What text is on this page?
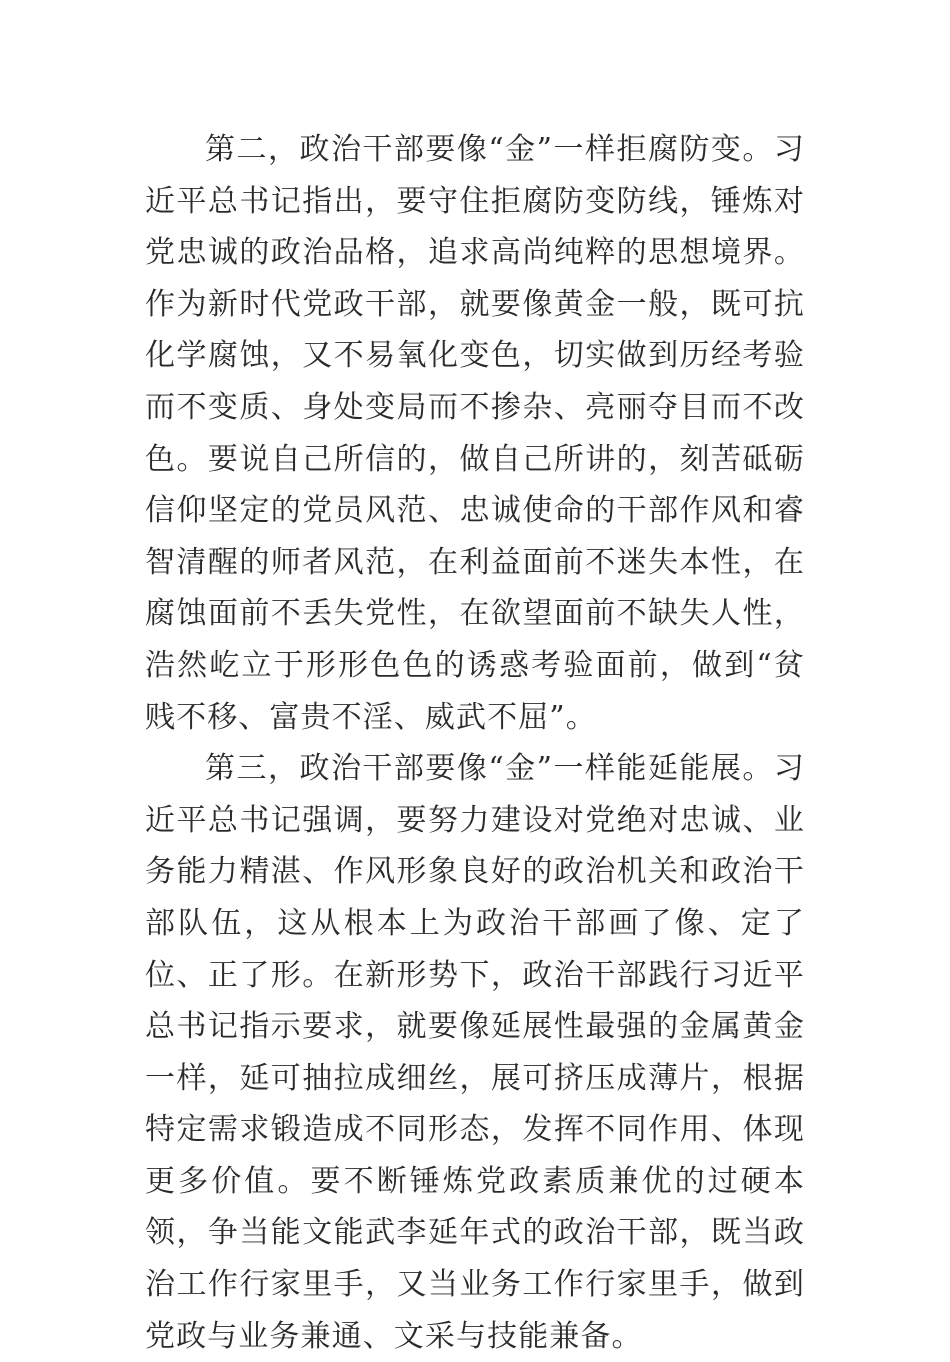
第二，政治干部要像“金”一样拒腐防变。习近平总书记指出，要守住拒腐防变防线，锤炼对党忠诚的政治品格，追求高尚纯粹的思想境界。作为新时代党政干部，就要像黄金一般，既可抗化学腐蚀，又不易氧化变色，切实做到历经考验而不变质、身处变局而不掺杂、亮丽夺目而不改色。要说自己所信的，做自己所讲的，刻苦砥砺信仰坚定的党员风范、忠诚使命的干部作风和睿智清醒的师者风范，在利益面前不迷失本性，在腐蚀面前不丢失党性，在欲望面前不缺失人性，浩然屹立于形形色色的诱惑考验面前，做到“贫贱不移、富贵不淫、威武不屈”。

第三，政治干部要像“金”一样能延能展。习近平总书记强调，要努力建设对党绝对忠诚、业务能力精湛、作风形象良好的政治机关和政治干部队伍，这从根本上为政治干部画了像、定了位、正了形。在新形势下，政治干部践行习近平总书记指示要求，就要像延展性最强的金属黄金一样，延可抽拉成细丝，展可挤压成薄片，根据特定需求锻造成不同形态，发挥不同作用、体现更多价值。要不断锤炼党政素质兼优的过硬本领，争当能文能武李延年式的政治干部，既当政治工作行家里手，又当业务工作行家里手，做到党政与业务兼通、文采与技能兼备。
